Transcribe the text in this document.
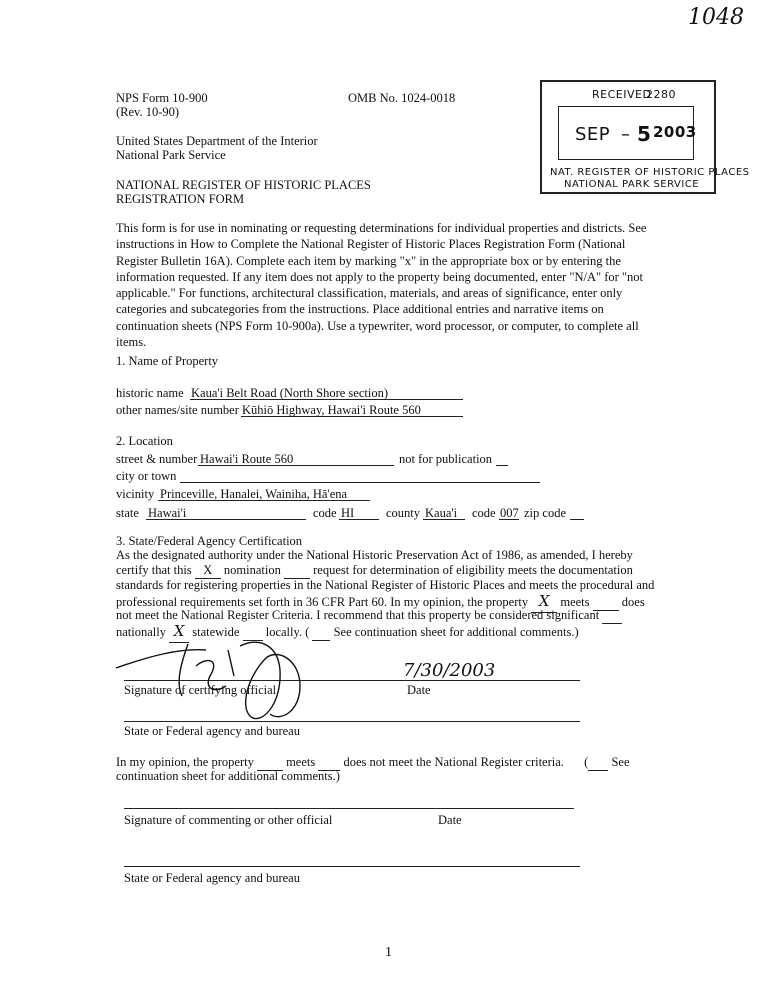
1048
NPS Form 10-900
(Rev. 10-90)
OMB No. 1024-0018
United States Department of the Interior
National Park Service
NATIONAL REGISTER OF HISTORIC PLACES
REGISTRATION FORM
RECEIVED
2280
SEP – 5 2003
NAT. REGISTER OF HISTORIC PLACES
NATIONAL PARK SERVICE

This form is for use in nominating or requesting determinations for individual properties and districts. See

instructions in How to Complete the National Register of Historic Places Registration Form (National

Register Bulletin 16A). Complete each item by marking "x" in the appropriate box or by entering the

information requested. If any item does not apply to the property being documented, enter "N/A" for "not

applicable." For functions, architectural classification, materials, and areas of significance, enter only

categories and subcategories from the instructions. Place additional entries and narrative items on

continuation sheets (NPS Form 10-900a). Use a typewriter, word processor, or computer, to complete all

items.

1. Name of Property
historic name Kaua'i Belt Road (North Shore section)
other names/site number Kūhiō Highway, Hawai'i Route 560
2. Location
street & number Hawai'i Route 560	not for publication
city or town
vicinity Princeville, Hanalei, Wainiha, Hā'ena
state Hawai'i	code HI	county Kaua'i code 007 zip code
3. State/Federal Agency Certification
As the designated authority under the National Historic Preservation Act of 1986, as amended, I hereby
certify that this X nomination	request for determination of eligibility meets the documentation
standards for registering properties in the National Register of Historic Places and meets the procedural and
professional requirements set forth in 36 CFR Part 60. In my opinion, the property X meets	does
not meet the National Register Criteria. I recommend that this property be considered significant
nationally X statewide locally. ( See continuation sheet for additional comments.)
7/30/2003
Signature of certifying official	Date
State or Federal agency and bureau
In my opinion, the property	meets does not meet the National Register criteria. ( See
continuation sheet for additional comments.)
Signature of commenting or other official	Date
State or Federal agency and bureau
1
